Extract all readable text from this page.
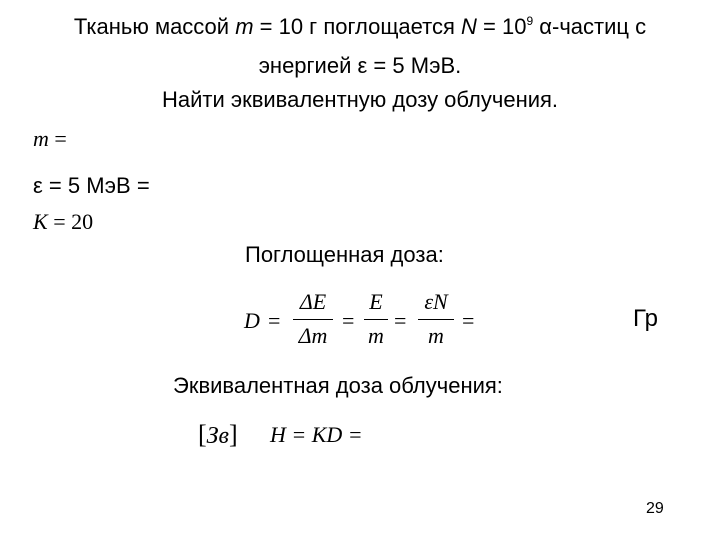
Тканью массой m = 10 г поглощается $N = 10^9$ α-частиц с
энергией ε = 5 МэВ.
Найти эквивалентную дозу облучения.
m =
ε = 5 МэВ =
K = 20
Поглощенная доза:
D =
ΔE
Δm
=
E
m
=
εN
m
=	Гр
Эквивалентная доза облучения:
[Зв] H = KD =
29
